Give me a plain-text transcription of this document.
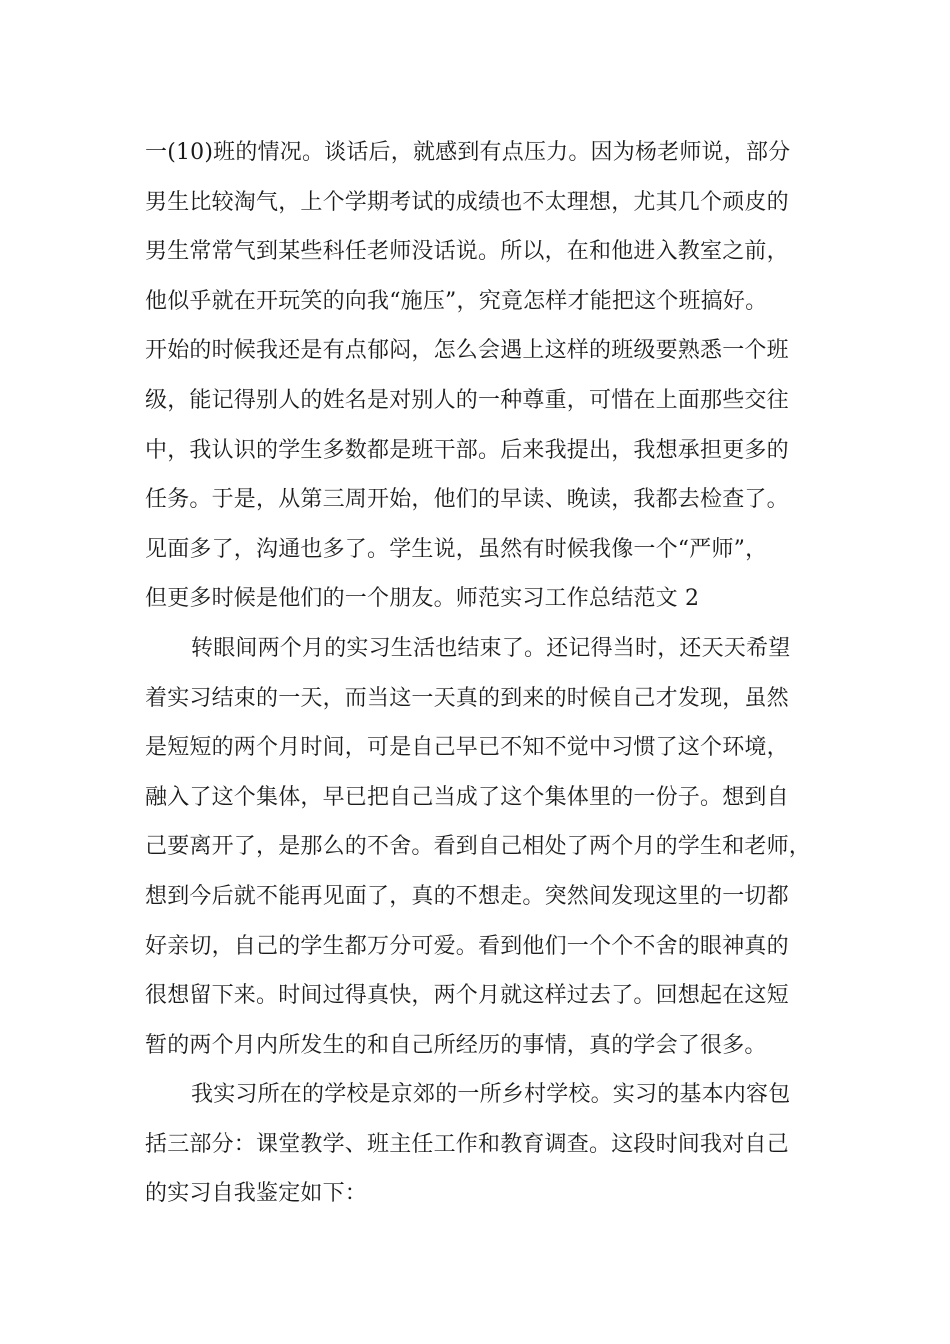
一(10)班的情况。谈话后，就感到有点压力。因为杨老师说，部分
男生比较淘气，上个学期考试的成绩也不太理想，尤其几个顽皮的
男生常常气到某些科任老师没话说。所以，在和他进入教室之前，
他似乎就在开玩笑的向我“施压”，究竟怎样才能把这个班搞好。
开始的时候我还是有点郁闷，怎么会遇上这样的班级要熟悉一个班
级，能记得别人的姓名是对别人的一种尊重，可惜在上面那些交往
中，我认识的学生多数都是班干部。后来我提出，我想承担更多的
任务。于是，从第三周开始，他们的早读、晚读，我都去检查了。
见面多了，沟通也多了。学生说，虽然有时候我像一个“严师”，
但更多时候是他们的一个朋友。师范实习工作总结范文 2
转眼间两个月的实习生活也结束了。还记得当时，还天天希望
着实习结束的一天，而当这一天真的到来的时候自己才发现，虽然
是短短的两个月时间，可是自己早已不知不觉中习惯了这个环境，
融入了这个集体，早已把自己当成了这个集体里的一份子。想到自
己要离开了，是那么的不舍。看到自己相处了两个月的学生和老师，
想到今后就不能再见面了，真的不想走。突然间发现这里的一切都
好亲切，自己的学生都万分可爱。看到他们一个个不舍的眼神真的
很想留下来。时间过得真快，两个月就这样过去了。回想起在这短
暂的两个月内所发生的和自己所经历的事情，真的学会了很多。
我实习所在的学校是京郊的一所乡村学校。实习的基本内容包
括三部分：课堂教学、班主任工作和教育调查。这段时间我对自己
的实习自我鉴定如下：
